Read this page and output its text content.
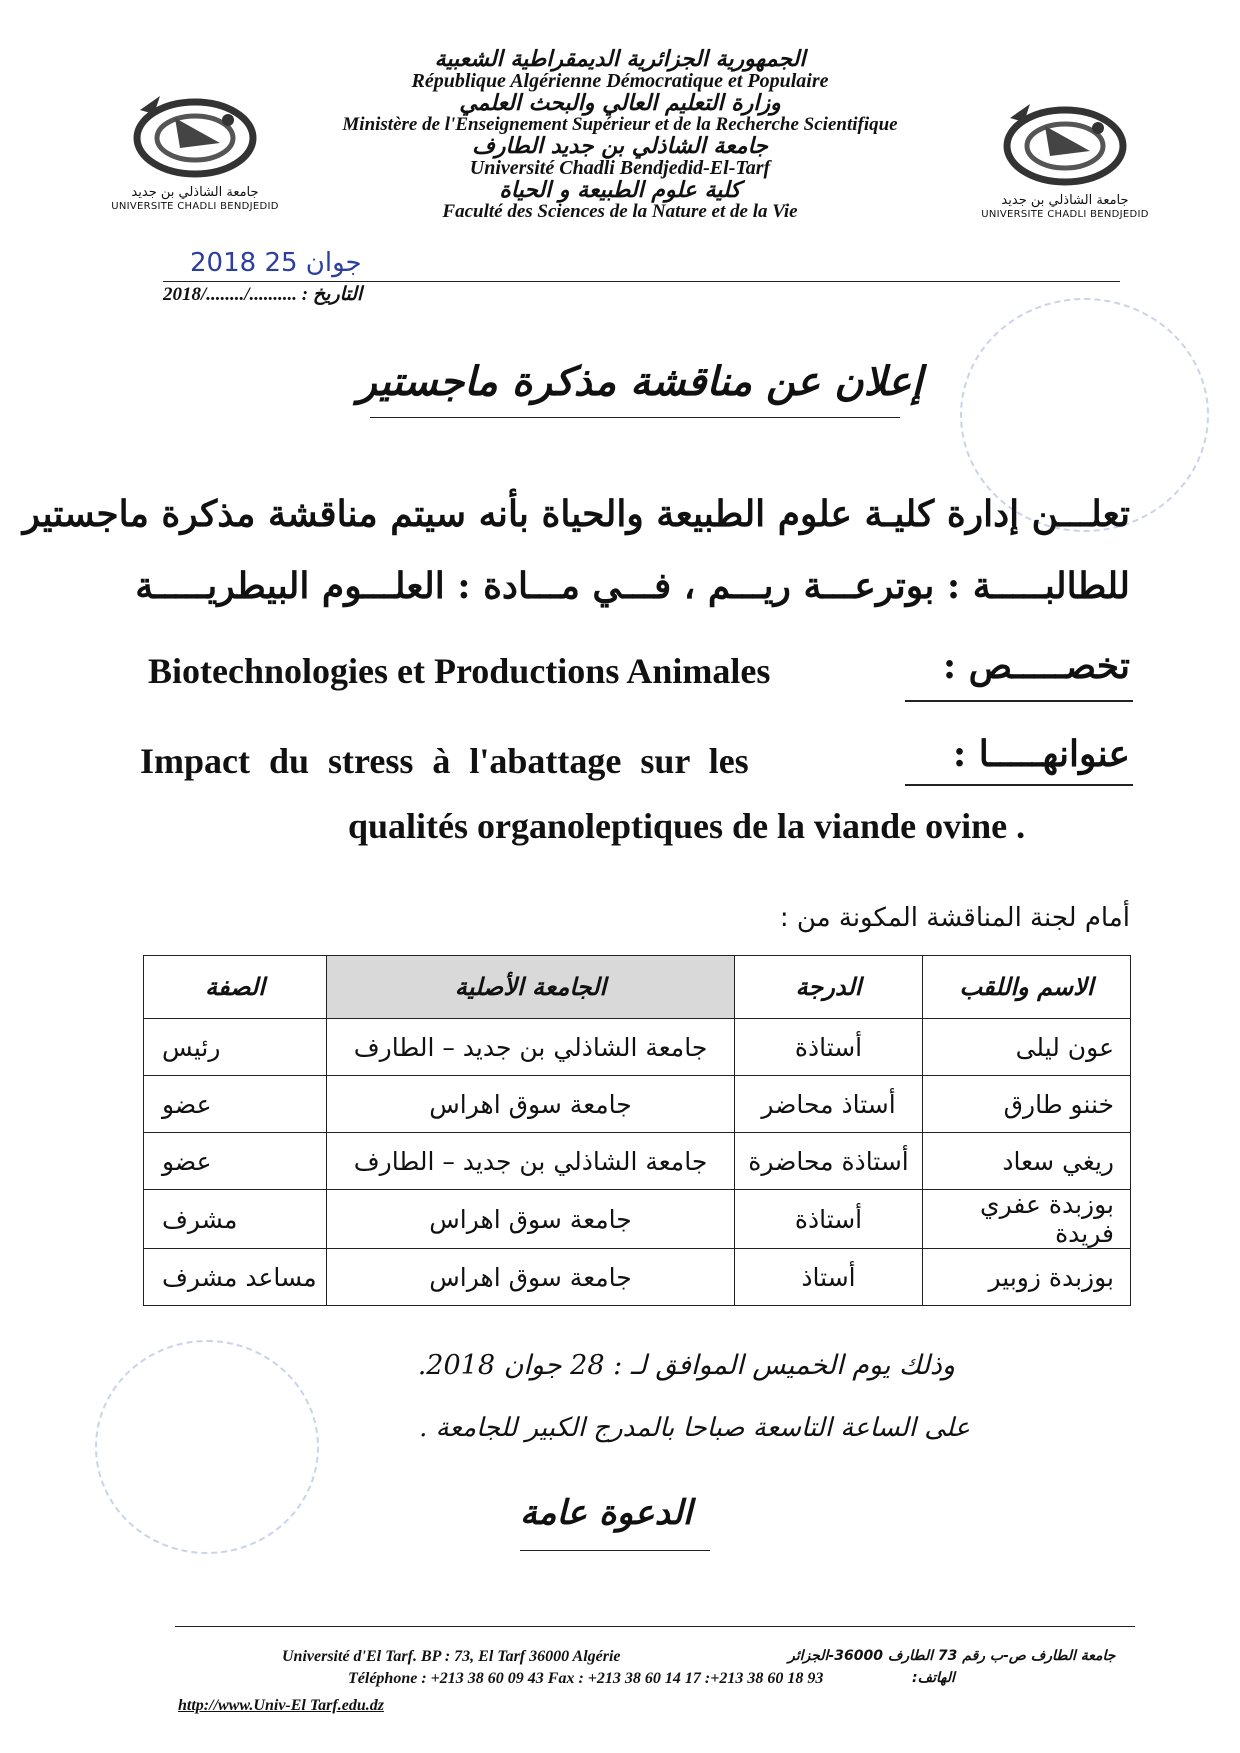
جامعة الشاذلي بن جديد
UNIVERSITE CHADLI BENDJEDID	جامعة الشاذلي بن جديد
UNIVERSITE CHADLI BENDJEDID
الجمهورية الجزائرية الديمقراطية الشعبية
République Algérienne Démocratique et Populaire
وزارة التعليم العالي والبحث العلمي
Ministère de l'Enseignement Supérieur et de la Recherche Scientifique
جامعة الشاذلي بن جديد الطارف
Université Chadli Bendjedid-El-Tarf
كلية علوم الطبيعة و الحياة
Faculté des Sciences de la Nature et de la Vie
2018 جوان 25
2018/......../.......... : التاريخ
إعلان عن مناقشة مذكرة ماجستير
تعلـــن إدارة كليـة علوم الطبيعة والحياة بأنه سيتم مناقشة مذكرة ماجستير
للطالبـــــة : بوترعـــة ريـــم ، فـــي مـــادة : العلـــوم البيطريـــــة
تخصـــــص :
Biotechnologies et Productions Animales
عنوانهـــــا :
Impact du stress à l'abattage sur les
qualités organoleptiques de la viande ovine .
أمام لجنة المناقشة المكونة من :
الاسم واللقب	الدرجة	الجامعة الأصلية	الصفة
عون ليلى	أستاذة	جامعة الشاذلي بن جديد – الطارف	رئيس
خننو طارق	أستاذ محاضر	جامعة سوق اهراس	عضو
ريغي سعاد	أستاذة محاضرة	جامعة الشاذلي بن جديد – الطارف	عضو
بوزبدة عفري فريدة	أستاذة	جامعة سوق اهراس	مشرف
بوزبدة زوبير	أستاذ	جامعة سوق اهراس	مساعد مشرف
وذلك يوم الخميس الموافق لـ : 28 جوان 2018.
على الساعة التاسعة صباحا بالمدرج الكبير للجامعة .
الدعوة عامة
Université d'El Tarf. BP : 73, El Tarf 36000 Algérie	جامعة الطارف ص-ب رقم 73 الطارف 36000-الجزائر
Téléphone : +213 38 60 09 43 Fax : +213 38 60 14 17 :+213 38 60 18 93	الهاتف:
http://www.Univ-El Tarf.edu.dz
